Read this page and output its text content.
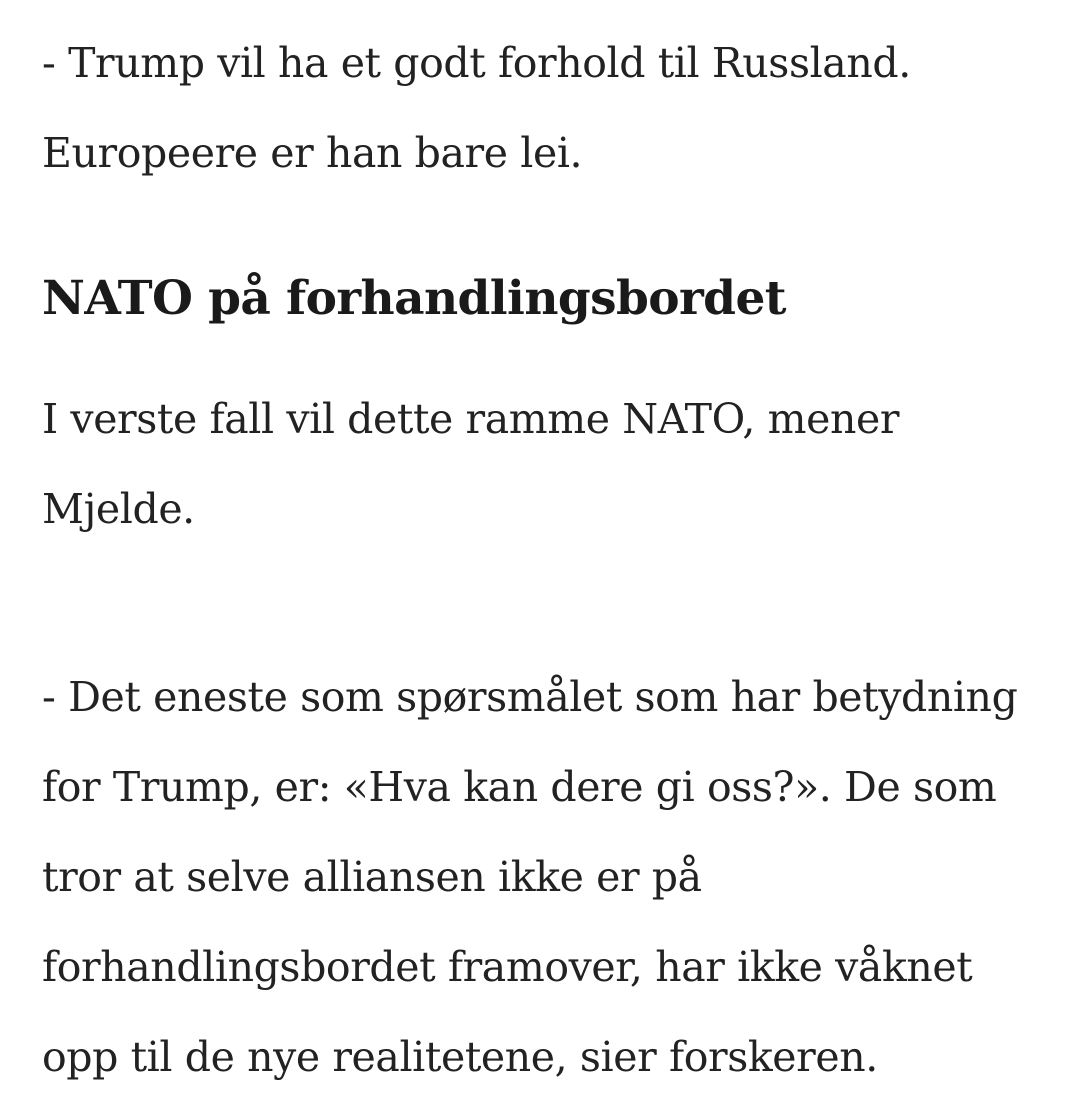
- Trump vil ha et godt forhold til Russland.
Europeere er han bare lei.

NATO på forhandlingsbordet

I verste fall vil dette ramme NATO, mener
Mjelde.

- Det eneste som spørsmålet som har betydning
for Trump, er: «Hva kan dere gi oss?». De som
tror at selve alliansen ikke er på
forhandlingsbordet framover, har ikke våknet
opp til de nye realitetene, sier forskeren.
